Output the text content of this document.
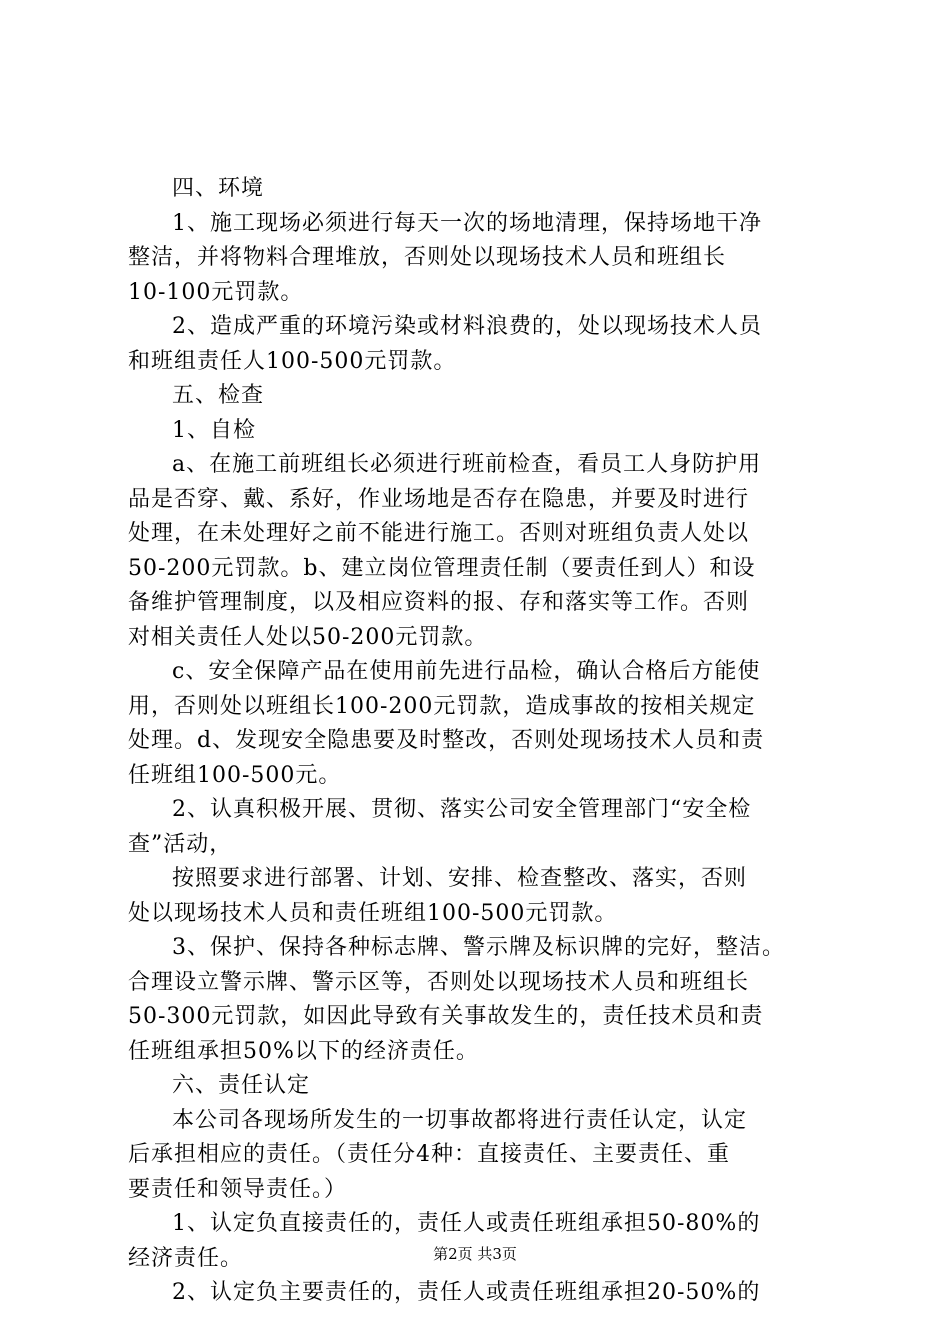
四、环境
1、施工现场必须进行每天一次的场地清理，保持场地干净
整洁，并将物料合理堆放，否则处以现场技术人员和班组长
10-100元罚款。
2、造成严重的环境污染或材料浪费的，处以现场技术人员
和班组责任人100-500元罚款。
五、检查
1、自检
a、在施工前班组长必须进行班前检查，看员工人身防护用
品是否穿、戴、系好，作业场地是否存在隐患，并要及时进行
处理，在未处理好之前不能进行施工。否则对班组负责人处以
50-200元罚款。b、建立岗位管理责任制（要责任到人）和设
备维护管理制度，以及相应资料的报、存和落实等工作。否则
对相关责任人处以50-200元罚款。
c、安全保障产品在使用前先进行品检，确认合格后方能使
用，否则处以班组长100-200元罚款，造成事故的按相关规定
处理。d、发现安全隐患要及时整改，否则处现场技术人员和责
任班组100-500元。
2、认真积极开展、贯彻、落实公司安全管理部门“安全检
查”活动，
按照要求进行部署、计划、安排、检查整改、落实，否则
处以现场技术人员和责任班组100-500元罚款。
3、保护、保持各种标志牌、警示牌及标识牌的完好，整洁。
合理设立警示牌、警示区等，否则处以现场技术人员和班组长
50-300元罚款，如因此导致有关事故发生的，责任技术员和责
任班组承担50%以下的经济责任。
六、责任认定
本公司各现场所发生的一切事故都将进行责任认定，认定
后承担相应的责任。（责任分4种：直接责任、主要责任、重
要责任和领导责任。）
1、认定负直接责任的，责任人或责任班组承担50-80%的
经济责任。
2、认定负主要责任的，责任人或责任班组承担20-50%的
第2页 共3页
